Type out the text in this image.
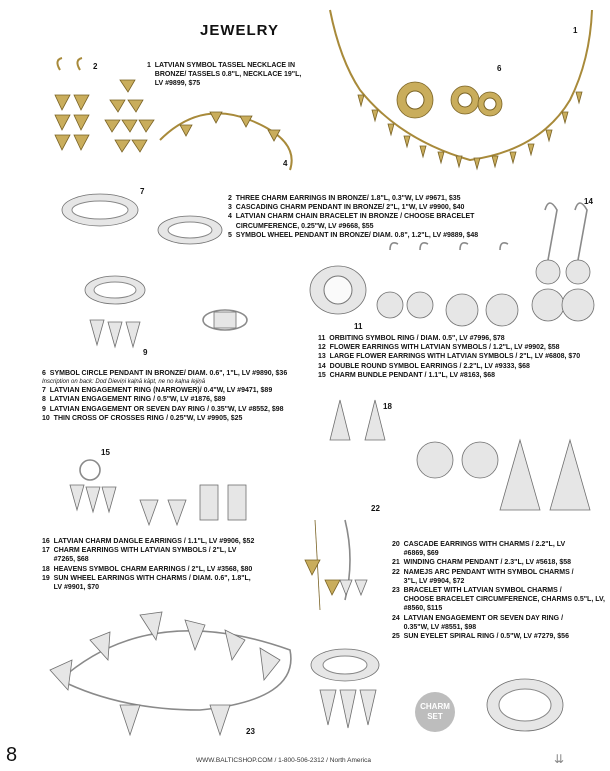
JEWELRY	1
2
4
6
7
9
11
14
15
18
22
23
1  LATVIAN SYMBOL TASSEL NECKLACE IN
BRONZE/ TASSELS 0.8"L, NECKLACE 19"L,
LV #9899, $75
2  THREE CHARM EARRINGS IN BRONZE/ 1.8"L, 0.3"W, LV #9671, $35
3  CASCADING CHARM PENDANT IN BRONZE/ 2"L, 1"W, LV #9900, $40
4  LATVIAN CHARM CHAIN BRACELET IN BRONZE / CHOOSE BRACELET
CIRCUMFERENCE, 0.25"W, LV #9668, $55
5  SYMBOL WHEEL PENDANT IN BRONZE/ DIAM. 0.8", 1.2"L, LV #9889, $48
11  ORBITING SYMBOL RING / DIAM. 0.5", LV #7996, $78
12  FLOWER EARRINGS WITH LATVIAN SYMBOLS / 1.2"L, LV #9902, $58
13  LARGE FLOWER EARRINGS WITH LATVIAN SYMBOLS / 2"L, LV #6808, $70
14  DOUBLE ROUND SYMBOL EARRINGS / 2.2"L, LV #9333, $68
15  CHARM BUNDLE PENDANT / 1.1"L, LV #8163, $68
6  SYMBOL CIRCLE PENDANT IN BRONZE/ DIAM. 0.6", 1"L, LV #9890, $36
Inscription on back: Dod Dieviņi kaļnā kāpt, ne no kaļna lejiņā
7  LATVIAN ENGAGEMENT RING (NARROWER)/ 0.4"W, LV #9471, $89
8  LATVIAN ENGAGEMENT RING / 0.5"W, LV #1876, $89
9  LATVIAN ENGAGEMENT OR SEVEN DAY RING / 0.35"W, LV #8552, $98
10  THIN CROSS OF CROSSES RING / 0.25"W, LV #9905, $25
16  LATVIAN CHARM DANGLE EARRINGS / 1.1"L, LV #9906, $52
17  CHARM EARRINGS WITH LATVIAN SYMBOLS / 2"L, LV
#7265, $68
18  HEAVENS SYMBOL CHARM EARRINGS / 2"L, LV #3568, $80
19  SUN WHEEL EARRINGS WITH CHARMS / DIAM. 0.6", 1.8"L,
LV #9901, $70
20  CASCADE EARRINGS WITH CHARMS / 2.2"L, LV
#6869, $69
21  WINDING CHARM PENDANT / 2.3"L, LV #5618, $58
22  NAMEJS ARC PENDANT WITH SYMBOL CHARMS /
3"L, LV #9904, $72
23  BRACELET WITH LATVIAN SYMBOL CHARMS /
CHOOSE BRACELET CIRCUMFERENCE, CHARMS 0.5"L, LV,
#8560, $115
24  LATVIAN ENGAGEMENT OR SEVEN DAY RING /
0.35"W, LV #8551, $98
25  SUN EYELET SPIRAL RING / 0.5"W, LV #7279, $56
CHARM
SET
8	WWW.BALTICSHOP.COM / 1-800-506-2312 / North America	⇊
